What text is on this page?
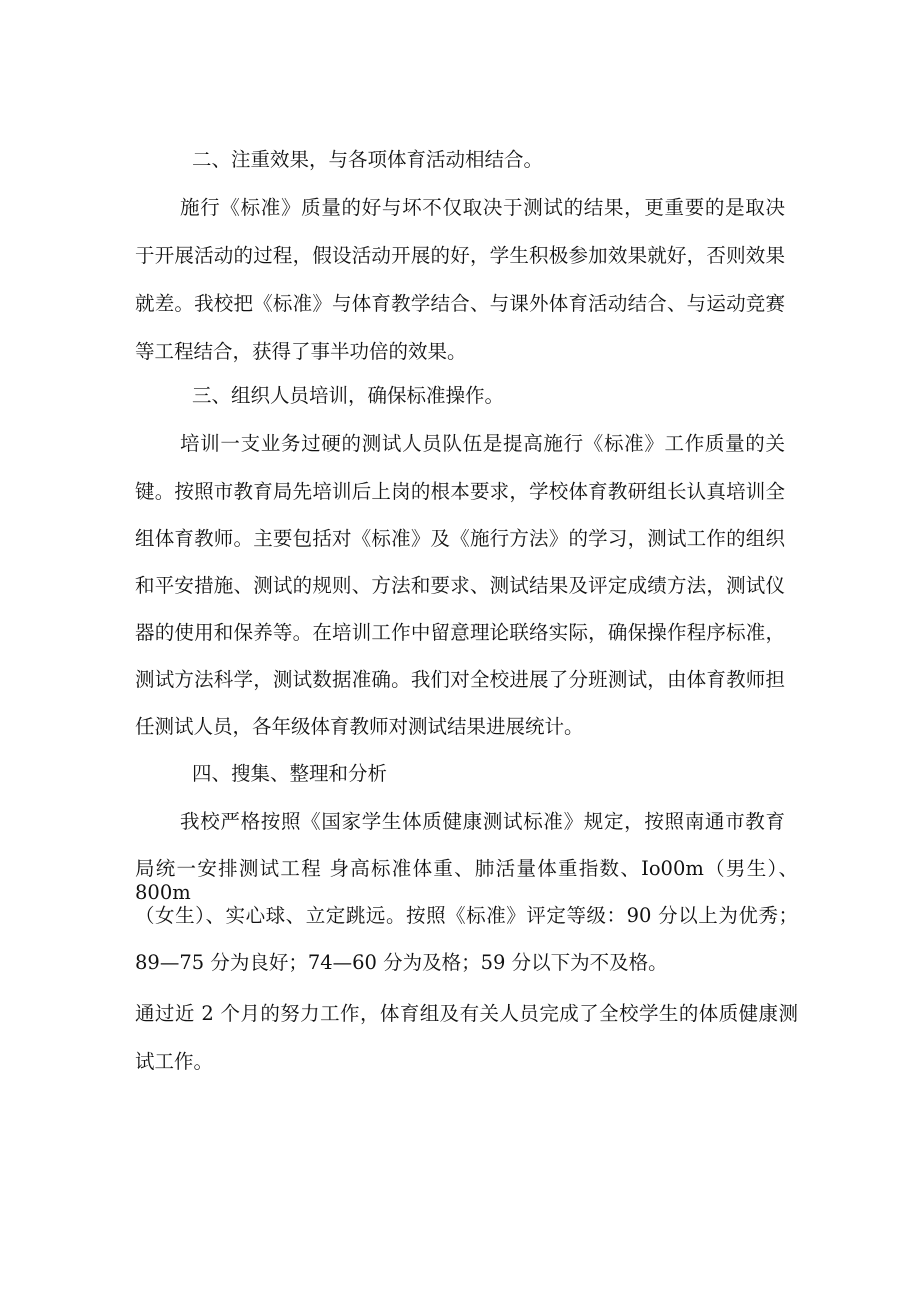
二、注重效果，与各项体育活动相结合。

施行《标准》质量的好与坏不仅取决于测试的结果，更重要的是取决

于开展活动的过程，假设活动开展的好，学生积极参加效果就好，否则效果

就差。我校把《标准》与体育教学结合、与课外体育活动结合、与运动竞赛

等工程结合，获得了事半功倍的效果。

三、组织人员培训，确保标准操作。

培训一支业务过硬的测试人员队伍是提高施行《标准》工作质量的关

键。按照市教育局先培训后上岗的根本要求，学校体育教研组长认真培训全

组体育教师。主要包括对《标准》及《施行方法》的学习，测试工作的组织

和平安措施、测试的规则、方法和要求、测试结果及评定成绩方法，测试仪

器的使用和保养等。在培训工作中留意理论联络实际，确保操作程序标准，

测试方法科学，测试数据准确。我们对全校进展了分班测试，由体育教师担

任测试人员，各年级体育教师对测试结果进展统计。

四、搜集、整理和分析

我校严格按照《国家学生体质健康测试标准》规定，按照南通市教育

局统一安排测试工程 身高标准体重、肺活量体重指数、Io00m（男生）、800m

（女生）、实心球、立定跳远。按照《标准》评定等级：90 分以上为优秀；

89—75 分为良好；74—60 分为及格；59 分以下为不及格。

通过近 2 个月的努力工作，体育组及有关人员完成了全校学生的体质健康测

试工作。
